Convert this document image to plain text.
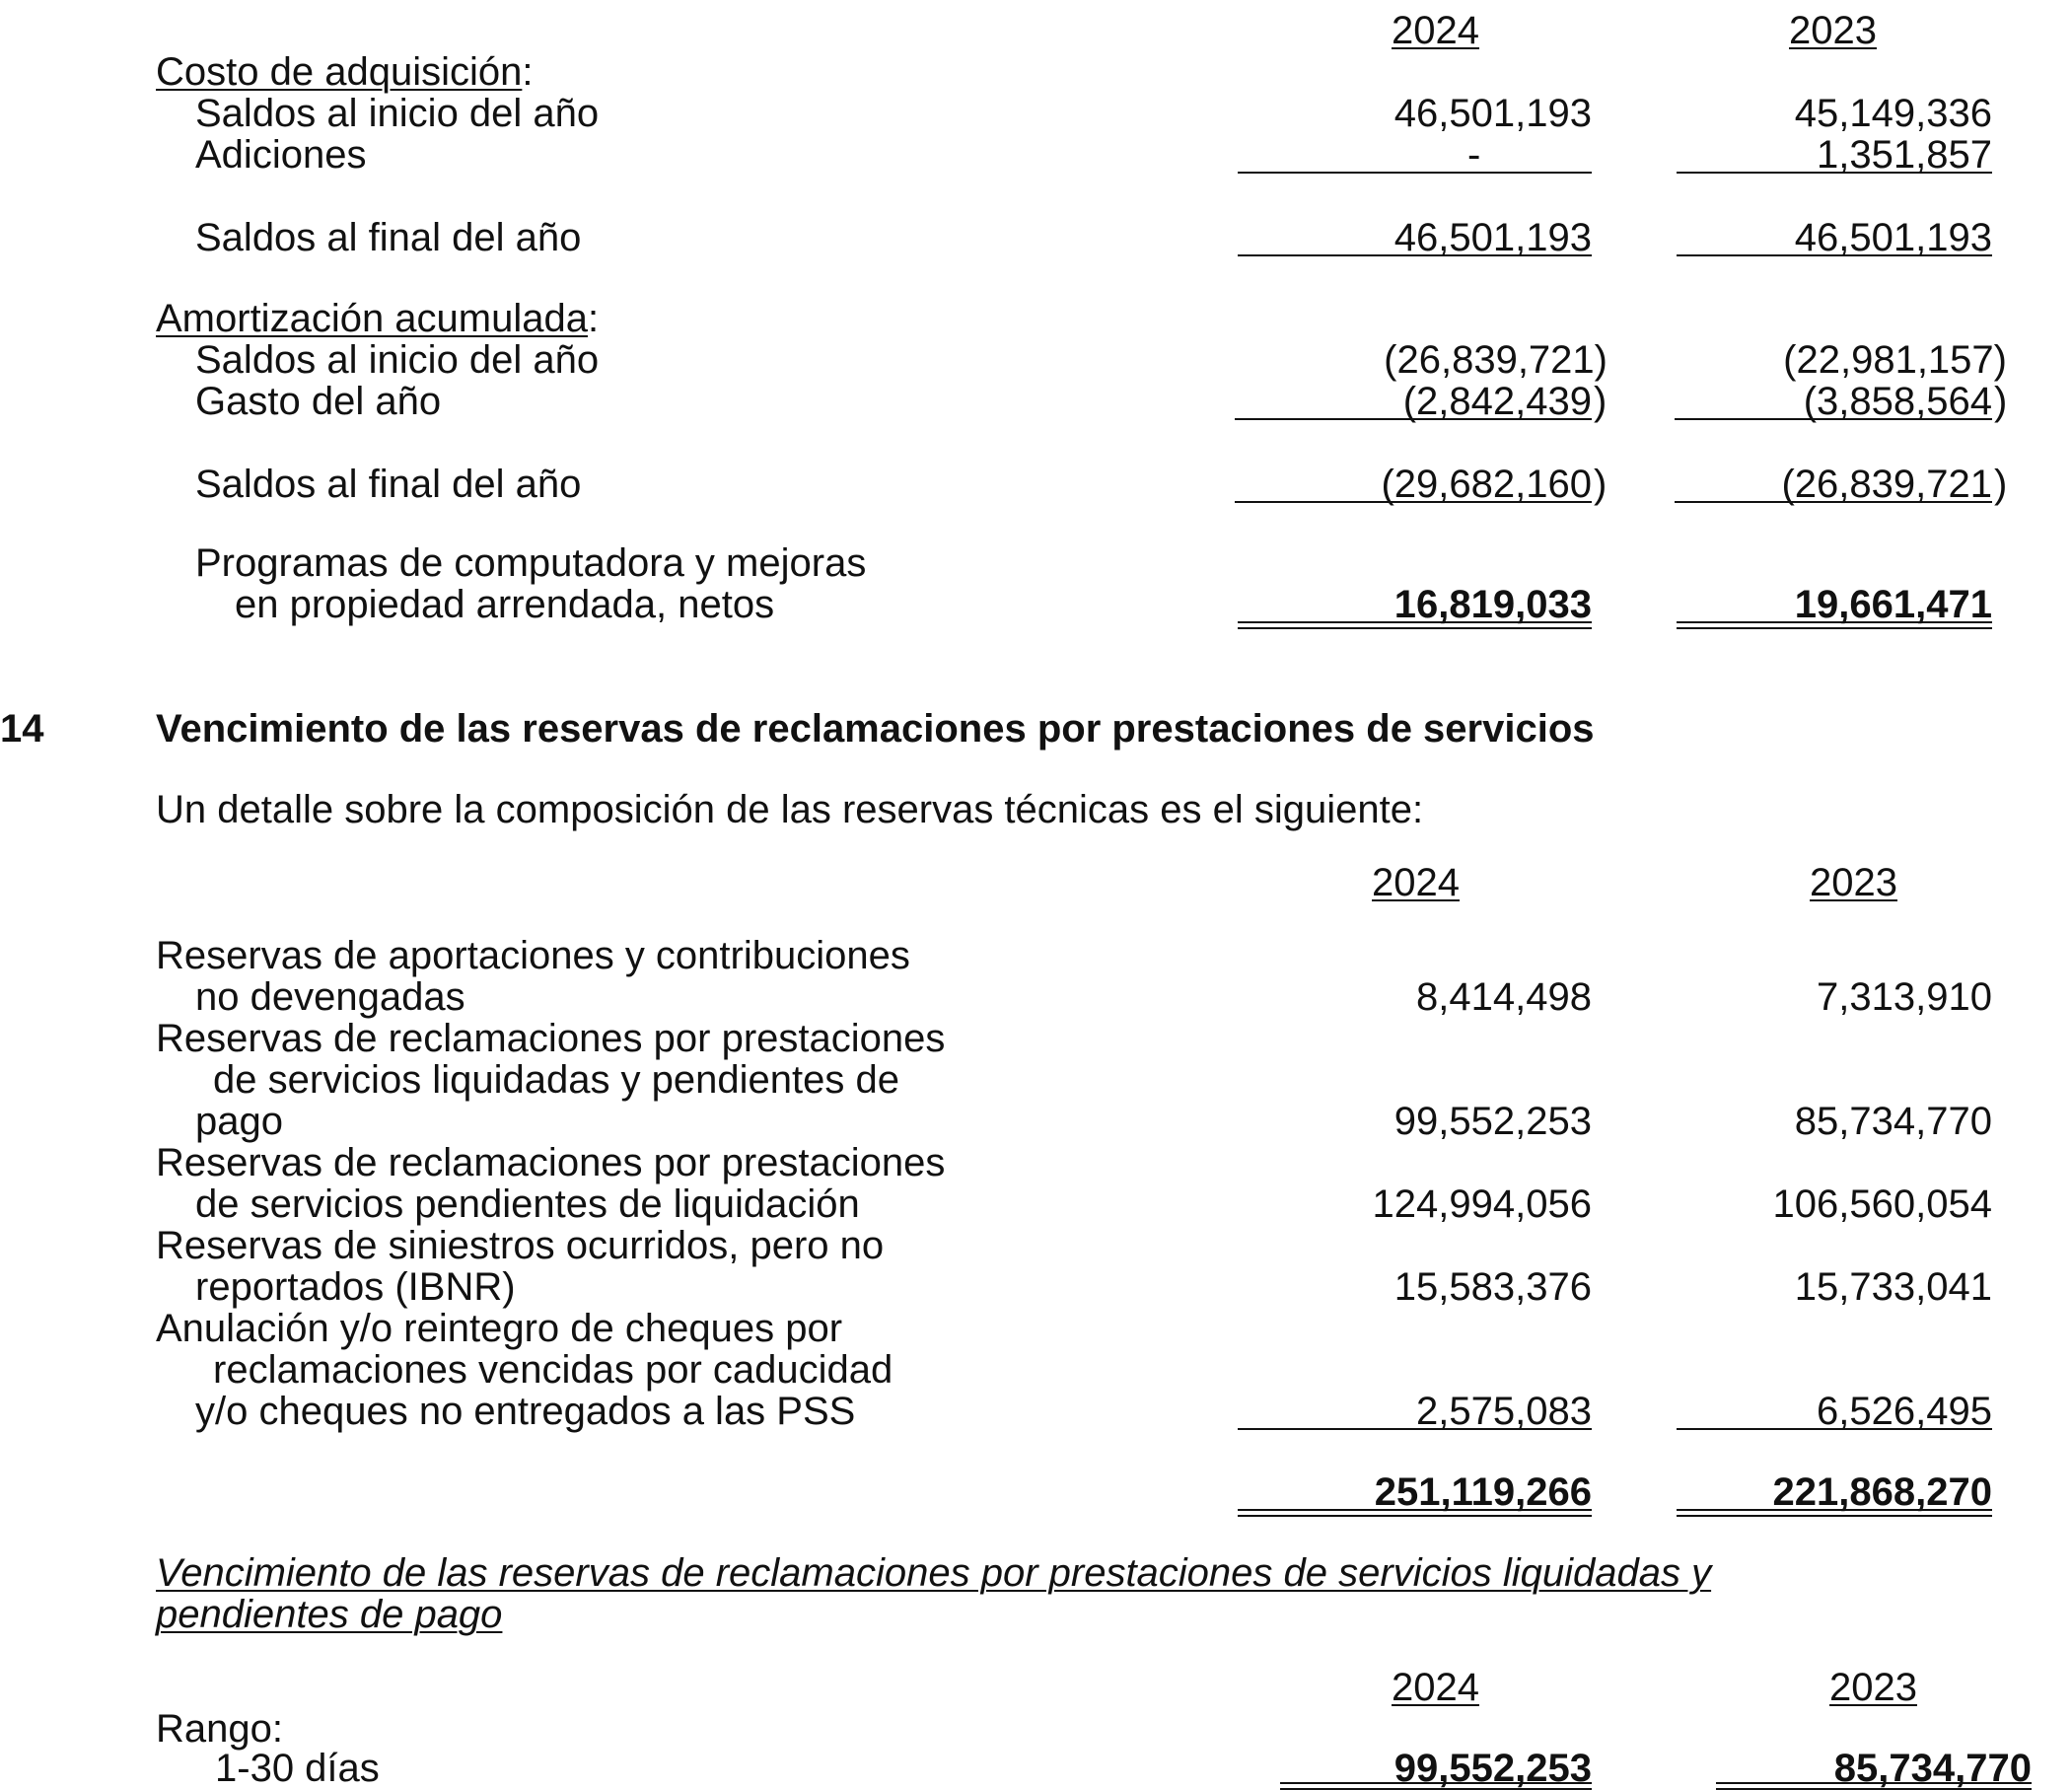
2024	2023
Costo de adquisición:
Saldos al inicio del año	46,501,193	45,149,336
Adiciones	-	1,351,857
Saldos al final del año	46,501,193	46,501,193
Amortización acumulada:
Saldos al inicio del año	(26,839,721)	(22,981,157)
Gasto del año	(2,842,439 )	(3,858,564 )
Saldos al final del año	(29,682,160 )	(26,839,721 )
Programas de computadora y mejoras
en propiedad arrendada, netos	16,819,033	19,661,471
14	Vencimiento de las reservas de reclamaciones por prestaciones de servicios
Un detalle sobre la composición de las reservas técnicas es el siguiente:
2024	2023
Reservas de aportaciones y contribuciones
no devengadas	8,414,498	7,313,910
Reservas de reclamaciones por prestaciones
de servicios liquidadas y pendientes de
pago	99,552,253	85,734,770
Reservas de reclamaciones por prestaciones
de servicios pendientes de liquidación	124,994,056	106,560,054
Reservas de siniestros ocurridos, pero no
reportados (IBNR)	15,583,376	15,733,041
Anulación y/o reintegro de cheques por
reclamaciones vencidas por caducidad
y/o cheques no entregados a las PSS	2,575,083	6,526,495
251,119,266	221,868,270
Vencimiento de las reservas de reclamaciones por prestaciones de servicios liquidadas y
pendientes de pago
2024	2023
Rango:
1-30 días	99,552,253	85,734,770
